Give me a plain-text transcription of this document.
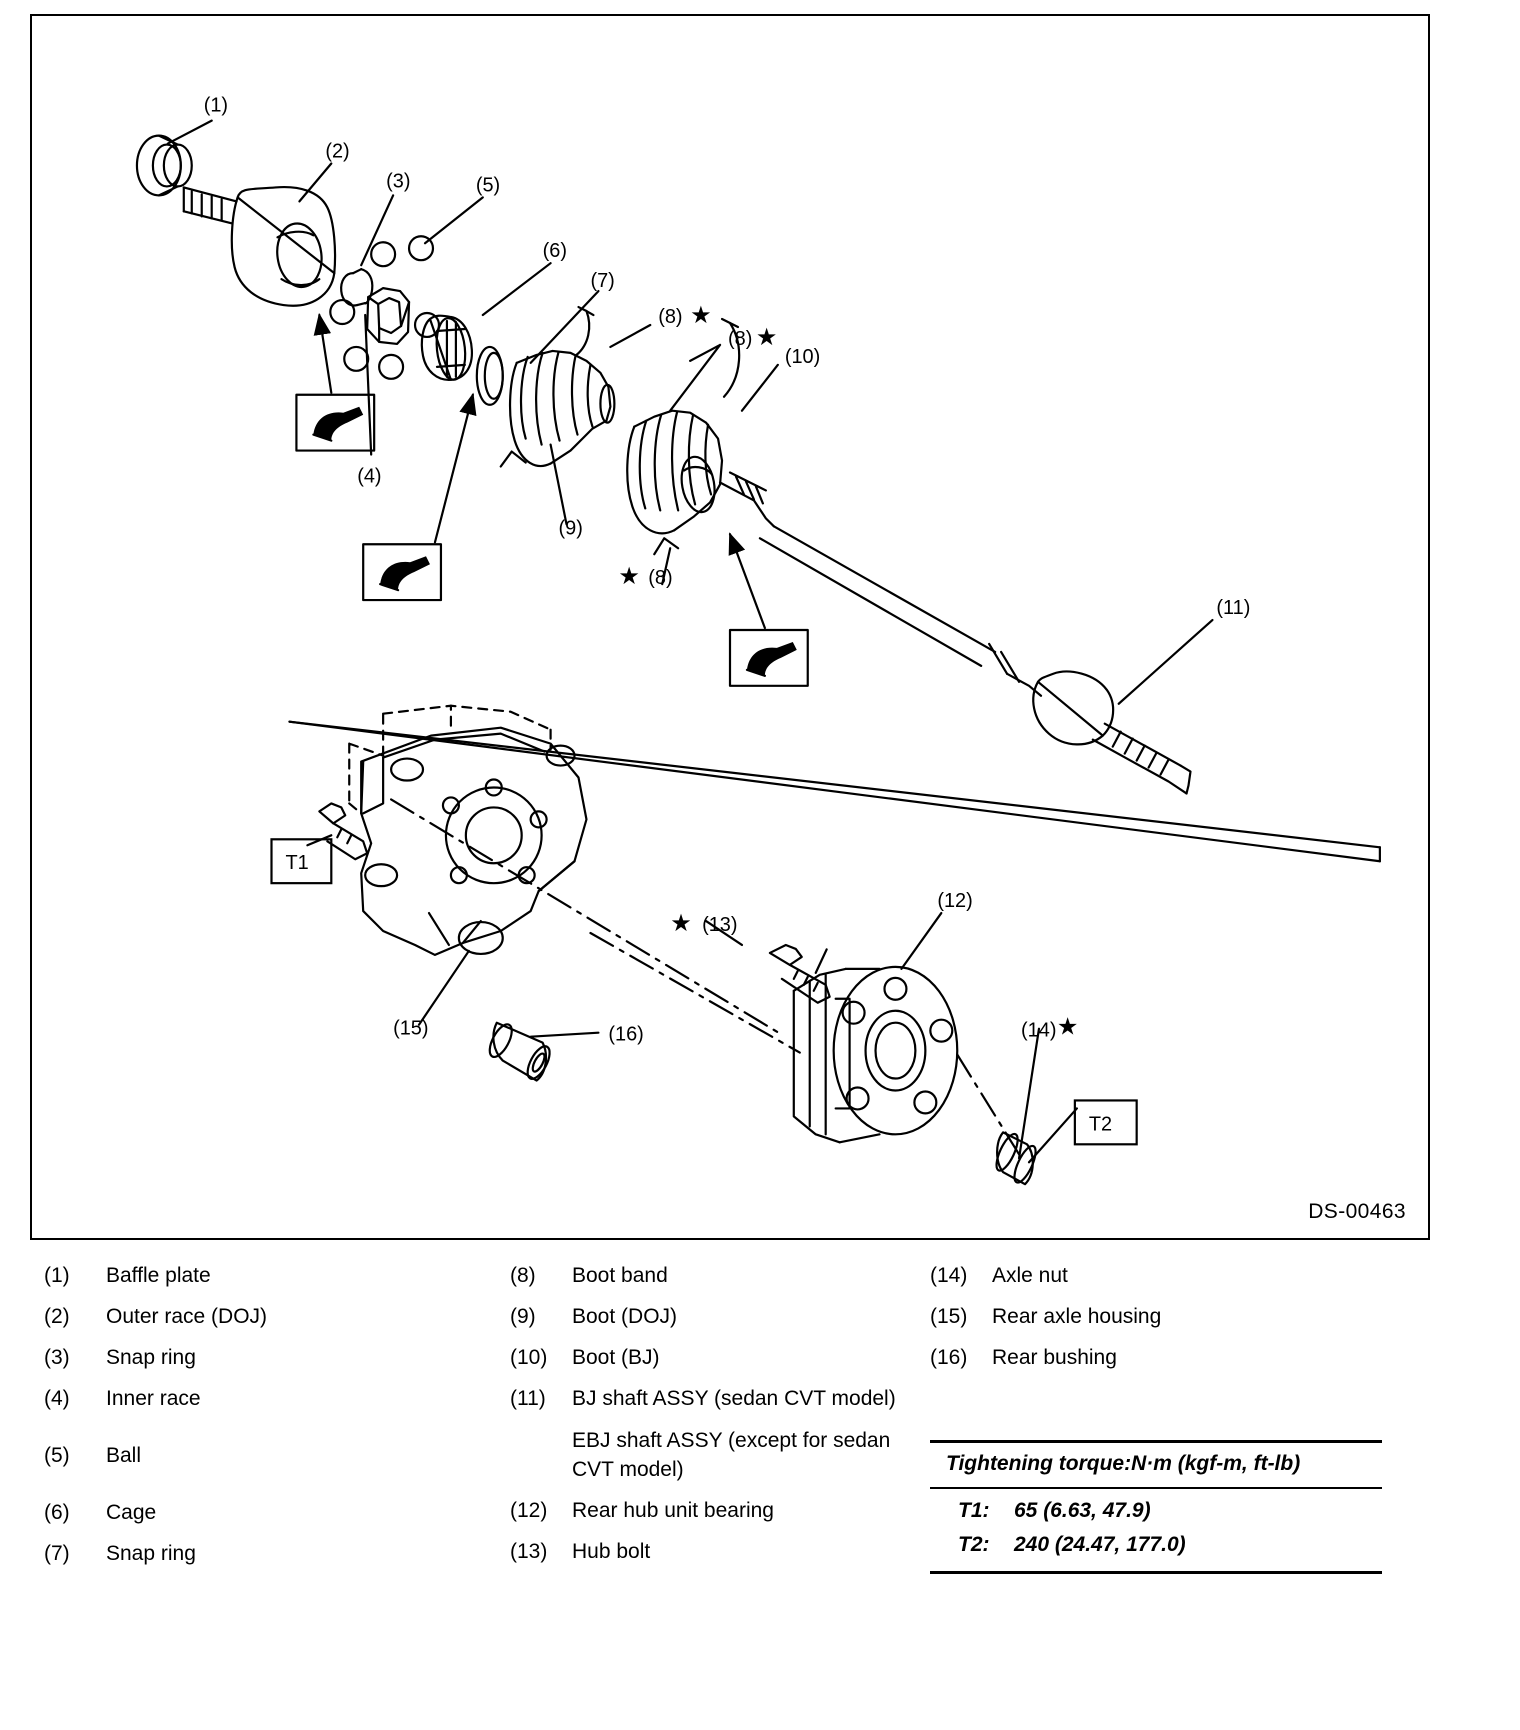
T1
T2
(1)
(2)
(3)	(5)
(4)
(6)
(7)
(8)
(8)
(8)
(9)
(10)
(11)
(12)
(13)
(14)
(15)	(16)
★
★
★
★
★
DS-00463
(1)	Baffle plate
(2)	Outer race (DOJ)
(3)	Snap ring
(4)	Inner race
(5)	Ball
(6)	Cage
(7)	Snap ring
(8)	Boot band
(9)	Boot (DOJ)
(10)	Boot (BJ)
(11)	BJ shaft ASSY (sedan CVT model)
EBJ shaft ASSY (except for sedan CVT model)
(12)	Rear hub unit bearing
(13)	Hub bolt
(14)	Axle nut
(15)	Rear axle housing
(16)	Rear bushing
Tightening torque:N·m (kgf-m, ft-lb)
T1:	65 (6.63, 47.9)
T2:	240 (24.47, 177.0)
